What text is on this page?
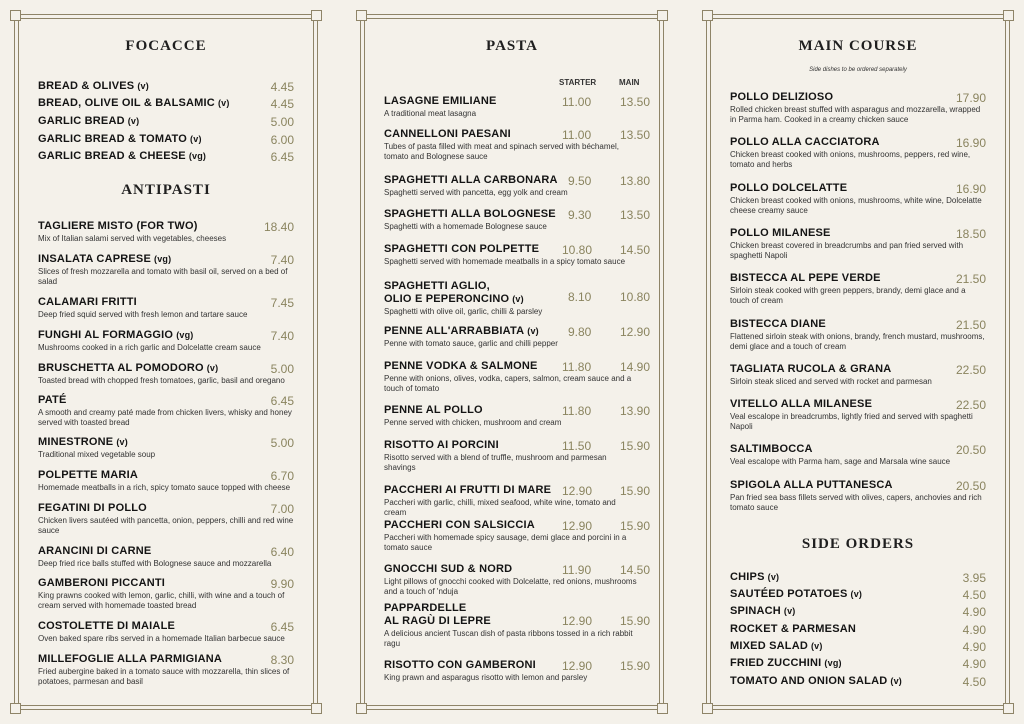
FOCACCE
BREAD & OLIVES (v)	4.45
BREAD, OLIVE OIL & BALSAMIC (v)	4.45
GARLIC BREAD (v)	5.00
GARLIC BREAD & TOMATO (v)	6.00
GARLIC BREAD & CHEESE (vg)	6.45
ANTIPASTI
TAGLIERE MISTO (FOR TWO)	18.40
Mix of Italian salami served with vegetables, cheeses
INSALATA CAPRESE (vg)	7.40
Slices of fresh mozzarella and tomato with basil oil, served on a bed of salad
CALAMARI FRITTI	7.45
Deep fried squid served with fresh lemon and tartare sauce
FUNGHI AL FORMAGGIO (vg)	7.40
Mushrooms cooked in a rich garlic and Dolcelatte cream sauce
BRUSCHETTA AL POMODORO (v)	5.00
Toasted bread with chopped fresh tomatoes, garlic, basil and oregano
PATÉ	6.45
A smooth and creamy paté made from chicken livers, whisky and honey served with toasted bread
MINESTRONE (v)	5.00
Traditional mixed vegetable soup
POLPETTE MARIA	6.70
Homemade meatballs in a rich, spicy tomato sauce topped with cheese
FEGATINI DI POLLO	7.00
Chicken livers sautéed with pancetta, onion, peppers, chilli and red wine sauce
ARANCINI DI CARNE	6.40
Deep fried rice balls stuffed with Bolognese sauce and mozzarella
GAMBERONI PICCANTI	9.90
King prawns cooked with lemon, garlic, chilli, with wine and a touch of cream served with homemade toasted bread
COSTOLETTE DI MAIALE	6.45
Oven baked spare ribs served in a homemade Italian barbecue sauce
MILLEFOGLIE ALLA PARMIGIANA	8.30
Fried aubergine baked in a tomato sauce with mozzarella, thin slices of potatoes, parmesan and basil
PASTA
STARTER	MAIN
LASAGNE EMILIANE	11.00 13.50
A traditional meat lasagna
CANNELLONI PAESANI	11.00 13.50
Tubes of pasta filled with meat and spinach served with béchamel, tomato and Bolognese sauce
SPAGHETTI ALLA CARBONARA 9.50 13.80
Spaghetti served with pancetta, egg yolk and cream
SPAGHETTI ALLA BOLOGNESE	9.30 13.50
Spaghetti with a homemade Bolognese sauce
SPAGHETTI CON POLPETTE	10.80 14.50
Spaghetti served with homemade meatballs in a spicy tomato sauce
SPAGHETTI AGLIO,
OLIO E PEPERONCINO (v)	8.10 10.80
Spaghetti with olive oil, garlic, chilli & parsley
PENNE ALL'ARRABBIATA (v)	9.80 12.90
Penne with tomato sauce, garlic and chilli pepper
PENNE VODKA & SALMONE	11.80 14.90
Penne with onions, olives, vodka, capers, salmon, cream sauce and a touch of tomato
PENNE AL POLLO	11.80 13.90
Penne served with chicken, mushroom and cream
RISOTTO AI PORCINI	11.50 15.90
Risotto served with a blend of truffle, mushroom and parmesan shavings
PACCHERI AI FRUTTI DI MARE 12.90 15.90
Paccheri with garlic, chilli, mixed seafood, white wine, tomato and cream
PACCHERI CON SALSICCIA	12.90 15.90
Paccheri with homemade spicy sausage, demi glace and porcini in a tomato sauce
GNOCCHI SUD & NORD	11.90 14.50
Light pillows of gnocchi cooked with Dolcelatte, red onions, mushrooms and a touch of 'nduja
PAPPARDELLE
AL RAGÙ DI LEPRE	12.90 15.90
A delicious ancient Tuscan dish of pasta ribbons tossed in a rich rabbit ragu
RISOTTO CON GAMBERONI	12.90 15.90
King prawn and asparagus risotto with lemon and parsley
MAIN COURSE
Side dishes to be ordered separately
POLLO DELIZIOSO	17.90
Rolled chicken breast stuffed with asparagus and mozzarella, wrapped in Parma ham. Cooked in a creamy chicken sauce
POLLO ALLA CACCIATORA	16.90
Chicken breast cooked with onions, mushrooms, peppers, red wine, tomato and herbs
POLLO DOLCELATTE	16.90
Chicken breast cooked with onions, mushrooms, white wine, Dolcelatte cheese creamy sauce
POLLO MILANESE	18.50
Chicken breast covered in breadcrumbs and pan fried served with spaghetti Napoli
BISTECCA AL PEPE VERDE	21.50
Sirloin steak cooked with green peppers, brandy, demi glace and a touch of cream
BISTECCA DIANE	21.50
Flattened sirloin steak with onions, brandy, french mustard, mushrooms, demi glace and a touch of cream
TAGLIATA RUCOLA & GRANA	22.50
Sirloin steak sliced and served with rocket and parmesan
VITELLO ALLA MILANESE	22.50
Veal escalope in breadcrumbs, lightly fried and served with spaghetti Napoli
SALTIMBOCCA	20.50
Veal escalope with Parma ham, sage and Marsala wine sauce
SPIGOLA ALLA PUTTANESCA	20.50
Pan fried sea bass fillets served with olives, capers, anchovies and rich tomato sauce
SIDE ORDERS
CHIPS (v)	3.95
SAUTÉED POTATOES (v)	4.50
SPINACH (v)	4.90
ROCKET & PARMESAN	4.90
MIXED SALAD (v)	4.90
FRIED ZUCCHINI (vg)	4.90
TOMATO AND ONION SALAD (v)	4.50
